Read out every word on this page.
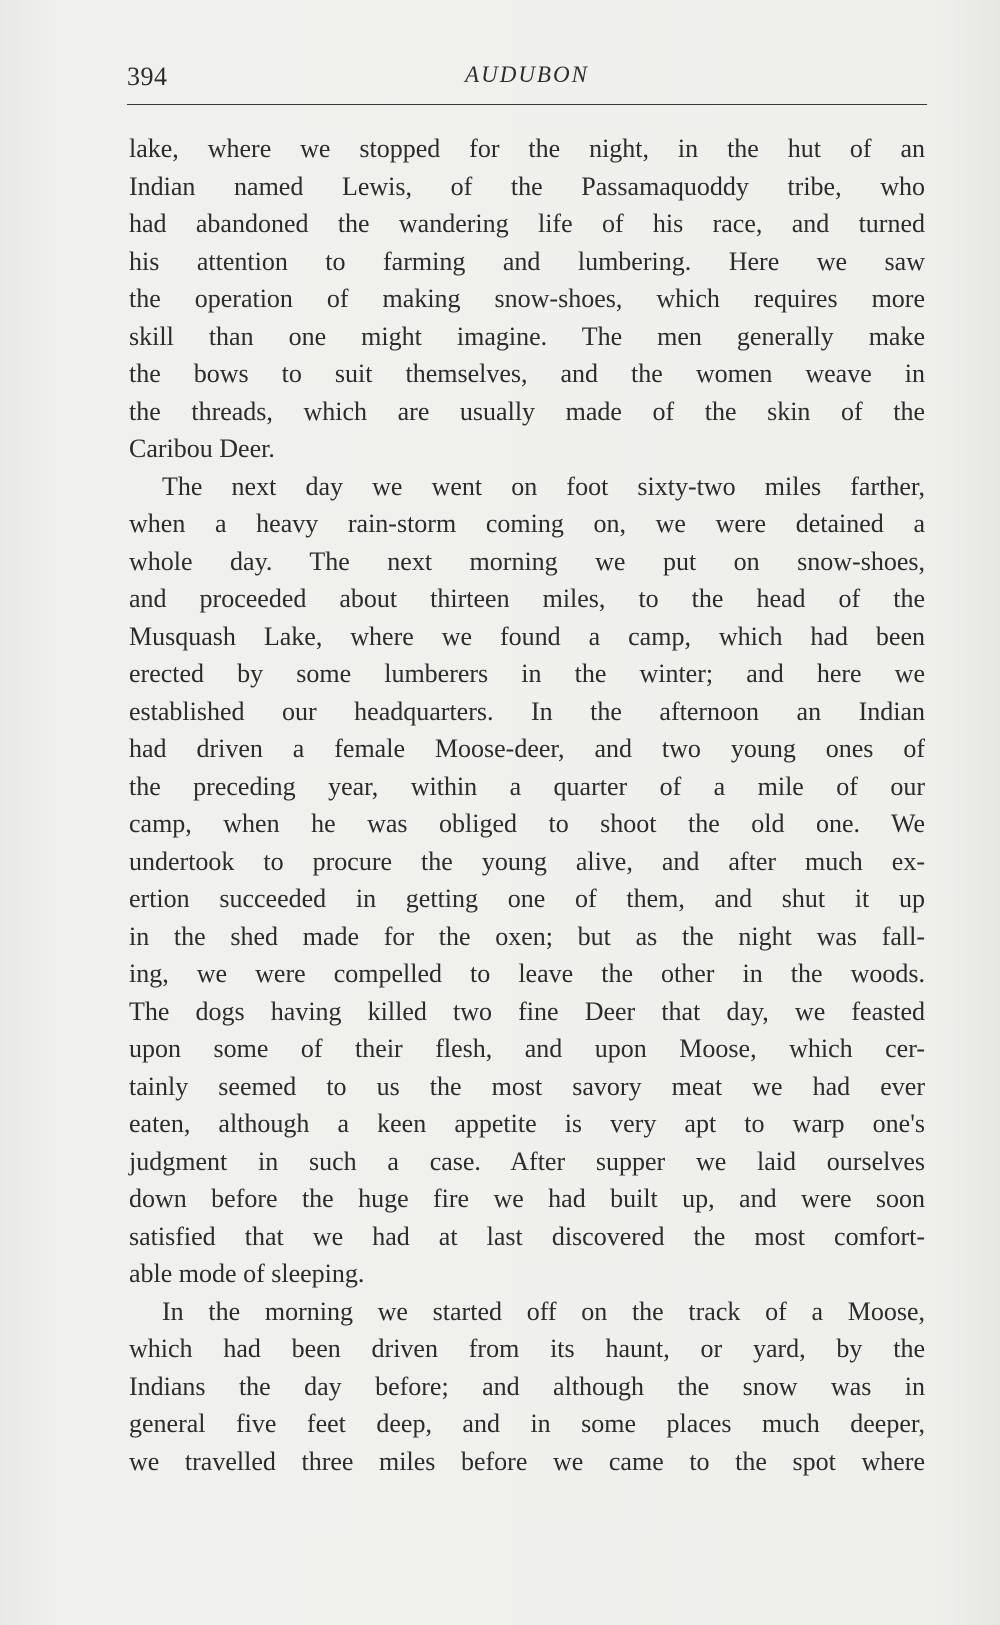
394	AUDUBON
lake, where we stopped for the night, in the hut of an
Indian named Lewis, of the Passamaquoddy tribe, who
had abandoned the wandering life of his race, and turned
his attention to farming and lumbering. Here we saw
the operation of making snow-shoes, which requires more
skill than one might imagine. The men generally make
the bows to suit themselves, and the women weave in
the threads, which are usually made of the skin of the
Caribou Deer.
The next day we went on foot sixty-two miles farther,
when a heavy rain-storm coming on, we were detained a
whole day. The next morning we put on snow-shoes,
and proceeded about thirteen miles, to the head of the
Musquash Lake, where we found a camp, which had been
erected by some lumberers in the winter; and here we
established our headquarters. In the afternoon an Indian
had driven a female Moose-deer, and two young ones of
the preceding year, within a quarter of a mile of our
camp, when he was obliged to shoot the old one. We
undertook to procure the young alive, and after much ex-
ertion succeeded in getting one of them, and shut it up
in the shed made for the oxen; but as the night was fall-
ing, we were compelled to leave the other in the woods.
The dogs having killed two fine Deer that day, we feasted
upon some of their flesh, and upon Moose, which cer-
tainly seemed to us the most savory meat we had ever
eaten, although a keen appetite is very apt to warp one's
judgment in such a case. After supper we laid ourselves
down before the huge fire we had built up, and were soon
satisfied that we had at last discovered the most comfort-
able mode of sleeping.
In the morning we started off on the track of a Moose,
which had been driven from its haunt, or yard, by the
Indians the day before; and although the snow was in
general five feet deep, and in some places much deeper,
we travelled three miles before we came to the spot where
